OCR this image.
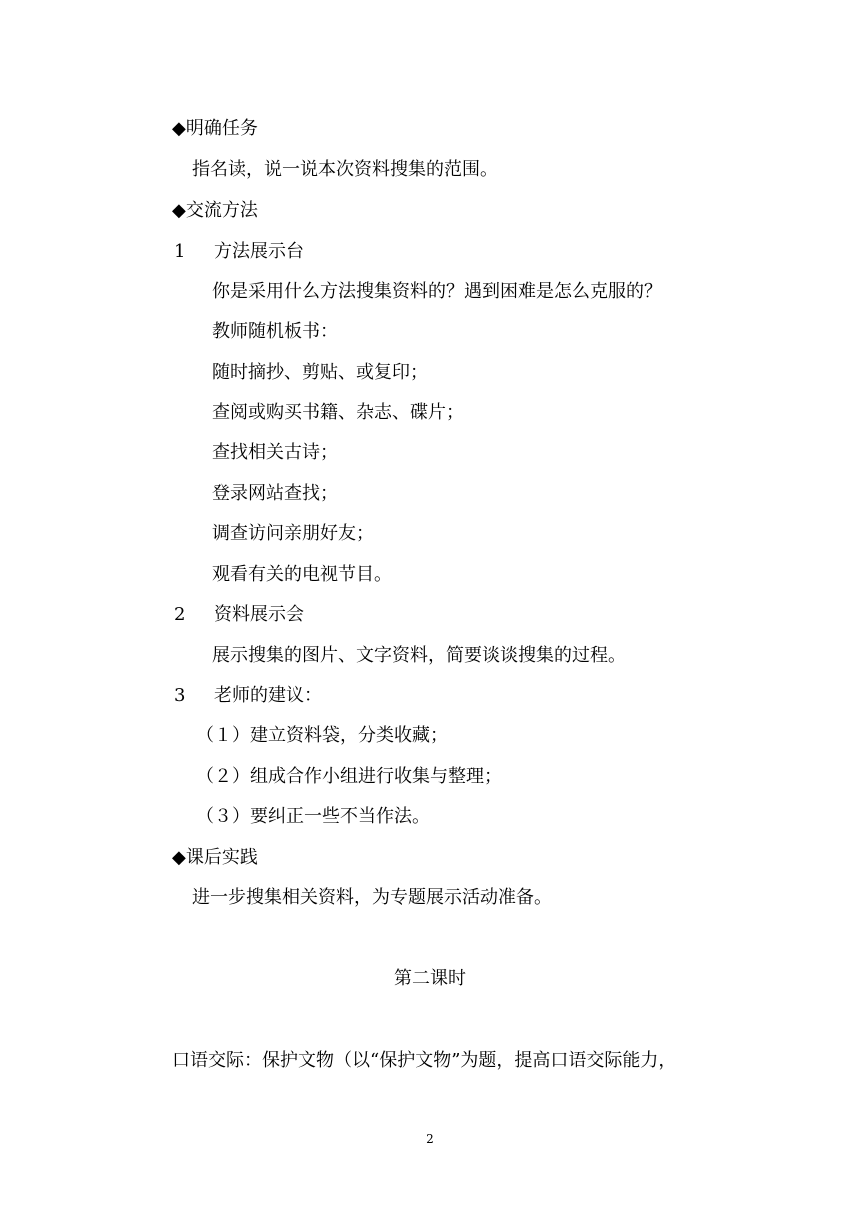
◆明确任务

指名读，说一说本次资料搜集的范围。

◆交流方法

1 方法展示台

你是采用什么方法搜集资料的？遇到困难是怎么克服的？

教师随机板书：

随时摘抄、剪贴、或复印；

查阅或购买书籍、杂志、碟片；

查找相关古诗；

登录网站查找；

调查访问亲朋好友；

观看有关的电视节目。

2 资料展示会

展示搜集的图片、文字资料，简要谈谈搜集的过程。

3 老师的建议：

（１）建立资料袋，分类收藏；

（２）组成合作小组进行收集与整理；

（３）要纠正一些不当作法。

◆课后实践

进一步搜集相关资料，为专题展示活动准备。

第二课时

口语交际：保护文物（以“保护文物”为题，提高口语交际能力，

2
